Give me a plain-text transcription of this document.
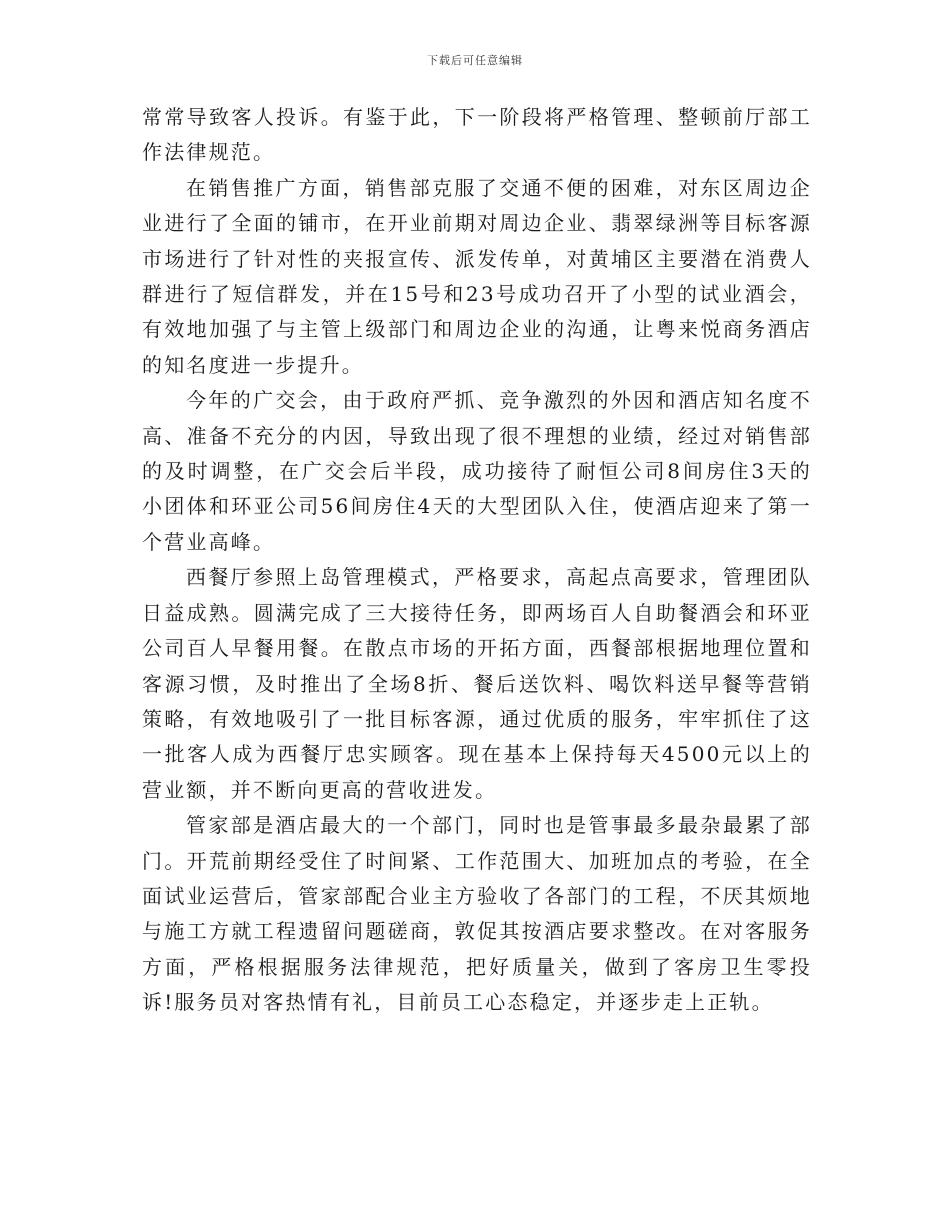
下载后可任意编辑

常常导致客人投诉。有鉴于此，下一阶段将严格管理、整顿前厅部工作法律规范。

在销售推广方面，销售部克服了交通不便的困难，对东区周边企业进行了全面的铺市，在开业前期对周边企业、翡翠绿洲等目标客源市场进行了针对性的夹报宣传、派发传单，对黄埔区主要潜在消费人群进行了短信群发，并在15号和23号成功召开了小型的试业酒会，有效地加强了与主管上级部门和周边企业的沟通，让粤来悦商务酒店的知名度进一步提升。

今年的广交会，由于政府严抓、竞争激烈的外因和酒店知名度不高、准备不充分的内因，导致出现了很不理想的业绩，经过对销售部的及时调整，在广交会后半段，成功接待了耐恒公司8间房住3天的小团体和环亚公司56间房住4天的大型团队入住，使酒店迎来了第一个营业高峰。

西餐厅参照上岛管理模式，严格要求，高起点高要求，管理团队日益成熟。圆满完成了三大接待任务，即两场百人自助餐酒会和环亚公司百人早餐用餐。在散点市场的开拓方面，西餐部根据地理位置和客源习惯，及时推出了全场8折、餐后送饮料、喝饮料送早餐等营销策略，有效地吸引了一批目标客源，通过优质的服务，牢牢抓住了这一批客人成为西餐厅忠实顾客。现在基本上保持每天4500元以上的营业额，并不断向更高的营收进发。

管家部是酒店最大的一个部门，同时也是管事最多最杂最累了部门。开荒前期经受住了时间紧、工作范围大、加班加点的考验，在全面试业运营后，管家部配合业主方验收了各部门的工程，不厌其烦地与施工方就工程遗留问题磋商，敦促其按酒店要求整改。在对客服务方面，严格根据服务法律规范，把好质量关，做到了客房卫生零投诉!服务员对客热情有礼，目前员工心态稳定，并逐步走上正轨。
